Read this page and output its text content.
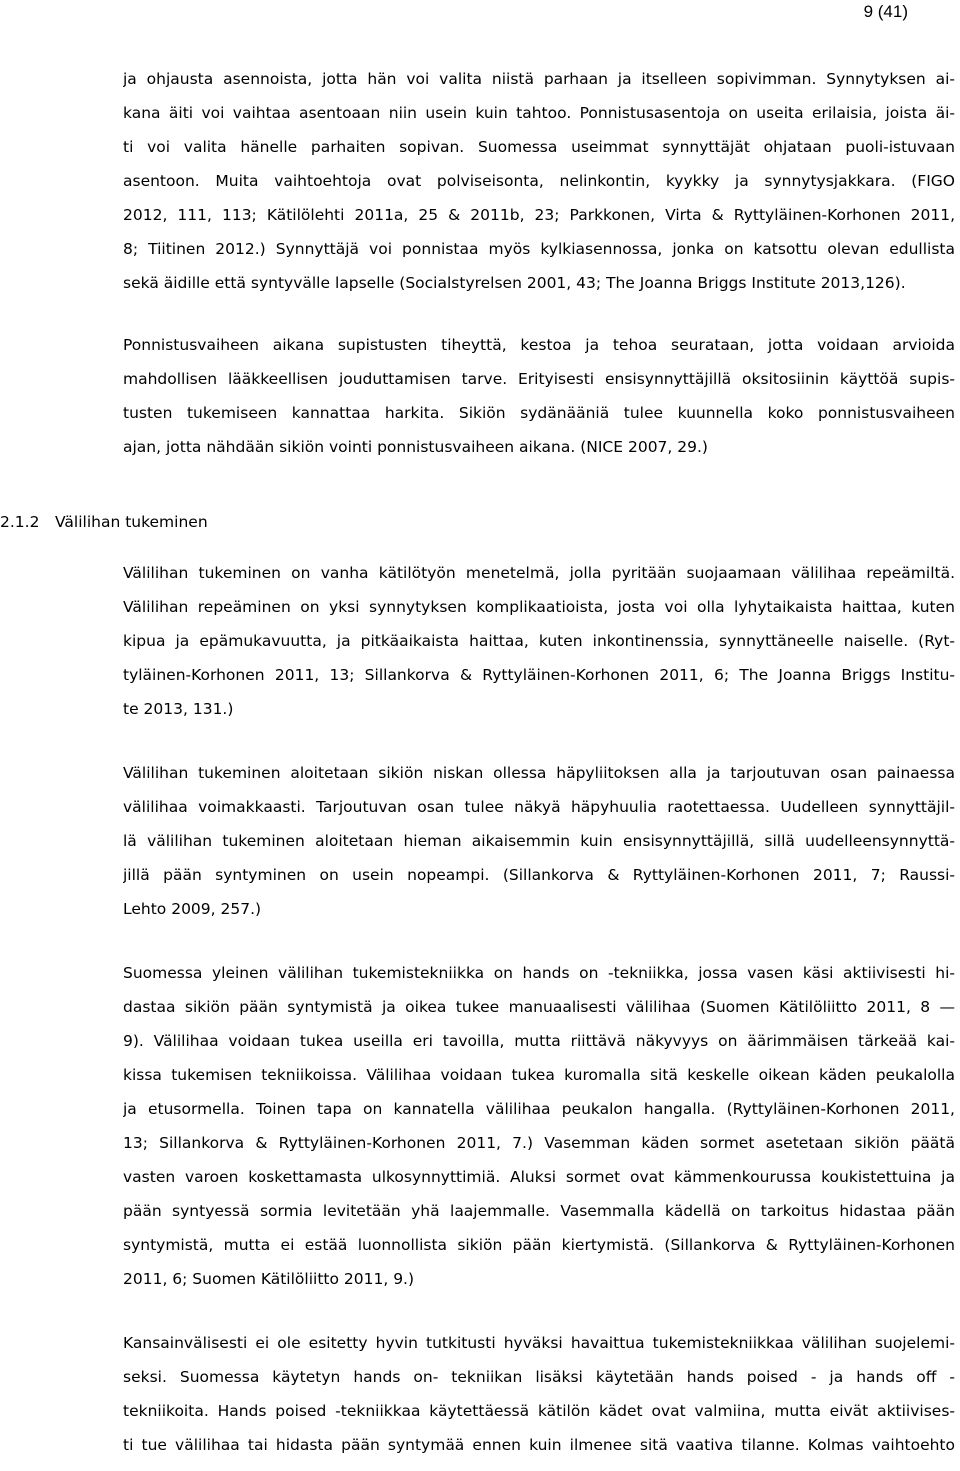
9 (41)
ja ohjausta asennoista, jotta hän voi valita niistä parhaan ja itselleen sopivimman. Synnytyksen ai-
kana äiti voi vaihtaa asentoaan niin usein kuin tahtoo. Ponnistusasentoja on useita erilaisia, joista äi-
ti voi valita hänelle parhaiten sopivan. Suomessa useimmat synnyttäjät ohjataan puoli-istuvaan
asentoon. Muita vaihtoehtoja ovat polviseisonta, nelinkontin, kyykky ja synnytysjakkara. (FIGO
2012, 111, 113; Kätilölehti 2011a, 25 & 2011b, 23; Parkkonen, Virta & Ryttyläinen-Korhonen 2011,
8; Tiitinen 2012.) Synnyttäjä voi ponnistaa myös kylkiasennossa, jonka on katsottu olevan edullista
sekä äidille että syntyvälle lapselle (Socialstyrelsen 2001, 43; The Joanna Briggs Institute 2013,126).
Ponnistusvaiheen aikana supistusten tiheyttä, kestoa ja tehoa seurataan, jotta voidaan arvioida
mahdollisen lääkkeellisen jouduttamisen tarve. Erityisesti ensisynnyttäjillä oksitosiinin käyttöä supis-
tusten tukemiseen kannattaa harkita. Sikiön sydänääniä tulee kuunnella koko ponnistusvaiheen
ajan, jotta nähdään sikiön vointi ponnistusvaiheen aikana. (NICE 2007, 29.)
2.1.2 Välilihan tukeminen
Välilihan tukeminen on vanha kätilötyön menetelmä, jolla pyritään suojaamaan välilihaa repeämiltä.
Välilihan repeäminen on yksi synnytyksen komplikaatioista, josta voi olla lyhytaikaista haittaa, kuten
kipua ja epämukavuutta, ja pitkäaikaista haittaa, kuten inkontinenssia, synnyttäneelle naiselle. (Ryt-
tyläinen-Korhonen 2011, 13; Sillankorva & Ryttyläinen-Korhonen 2011, 6; The Joanna Briggs Institu-
te 2013, 131.)
Välilihan tukeminen aloitetaan sikiön niskan ollessa häpyliitoksen alla ja tarjoutuvan osan painaessa
välilihaa voimakkaasti. Tarjoutuvan osan tulee näkyä häpyhuulia raotettaessa. Uudelleen synnyttäjil-
lä välilihan tukeminen aloitetaan hieman aikaisemmin kuin ensisynnyttäjillä, sillä uudelleensynnyttä-
jillä pään syntyminen on usein nopeampi. (Sillankorva & Ryttyläinen-Korhonen 2011, 7; Raussi-
Lehto 2009, 257.)
Suomessa yleinen välilihan tukemistekniikka on hands on -tekniikka, jossa vasen käsi aktiivisesti hi-
dastaa sikiön pään syntymistä ja oikea tukee manuaalisesti välilihaa (Suomen Kätilöliitto 2011, 8 —
9). Välilihaa voidaan tukea useilla eri tavoilla, mutta riittävä näkyvyys on äärimmäisen tärkeää kai-
kissa tukemisen tekniikoissa. Välilihaa voidaan tukea kuromalla sitä keskelle oikean käden peukalolla
ja etusormella. Toinen tapa on kannatella välilihaa peukalon hangalla. (Ryttyläinen-Korhonen 2011,
13; Sillankorva & Ryttyläinen-Korhonen 2011, 7.) Vasemman käden sormet asetetaan sikiön päätä
vasten varoen koskettamasta ulkosynnyttimiä. Aluksi sormet ovat kämmenkourussa koukistettuina ja
pään syntyessä sormia levitetään yhä laajemmalle. Vasemmalla kädellä on tarkoitus hidastaa pään
syntymistä, mutta ei estää luonnollista sikiön pään kiertymistä. (Sillankorva & Ryttyläinen-Korhonen
2011, 6; Suomen Kätilöliitto 2011, 9.)
Kansainvälisesti ei ole esitetty hyvin tutkitusti hyväksi havaittua tukemistekniikkaa välilihan suojelemi-
seksi. Suomessa käytetyn hands on- tekniikan lisäksi käytetään hands poised - ja hands off -
tekniikoita. Hands poised -tekniikkaa käytettäessä kätilön kädet ovat valmiina, mutta eivät aktiivises-
ti tue välilihaa tai hidasta pään syntymää ennen kuin ilmenee sitä vaativa tilanne. Kolmas vaihtoehto
